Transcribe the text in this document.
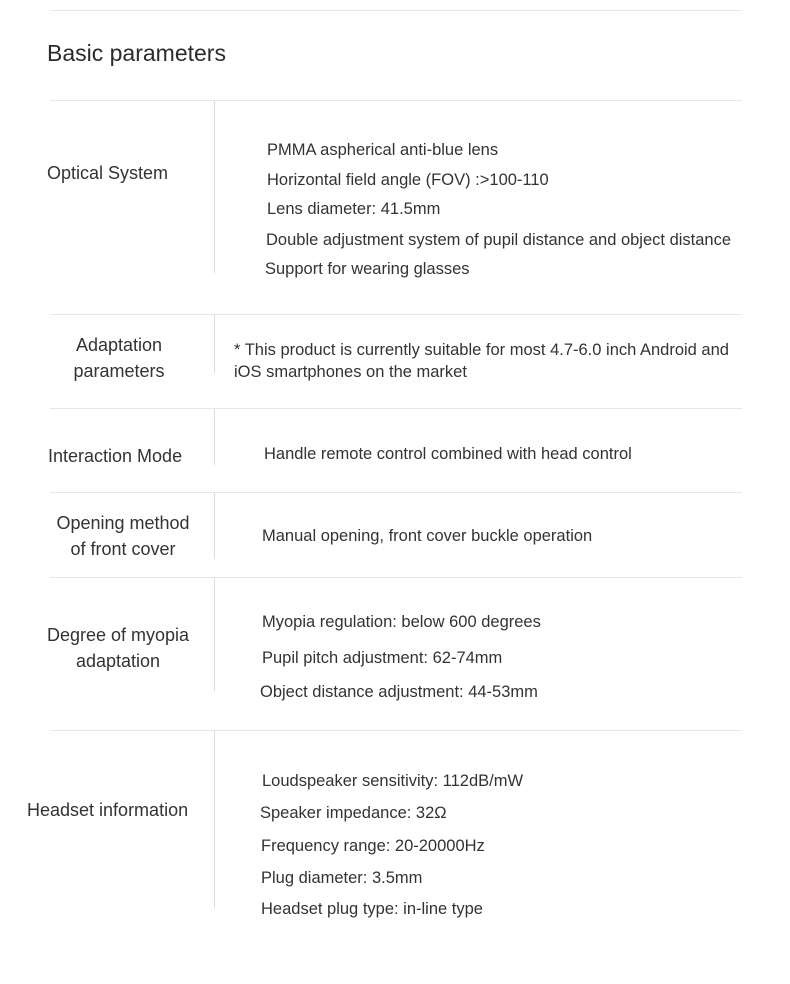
Basic parameters
Optical System
PMMA aspherical anti-blue lens
Horizontal field angle (FOV) :>100-110
Lens diameter: 41.5mm
Double adjustment system of pupil distance and object distance
Support for wearing glasses
Adaptation
parameters
* This product is currently suitable for most 4.7-6.0 inch Android and iOS smartphones on the market
Interaction Mode	Handle remote control combined with head control
Opening method
of front cover
Manual opening, front cover buckle operation
Degree of myopia
adaptation
Myopia regulation: below 600 degrees
Pupil pitch adjustment: 62-74mm
Object distance adjustment: 44-53mm
Headset information
Loudspeaker sensitivity: 112dB/mW
Speaker impedance: 32Ω
Frequency range: 20-20000Hz
Plug diameter: 3.5mm
Headset plug type: in-line type
